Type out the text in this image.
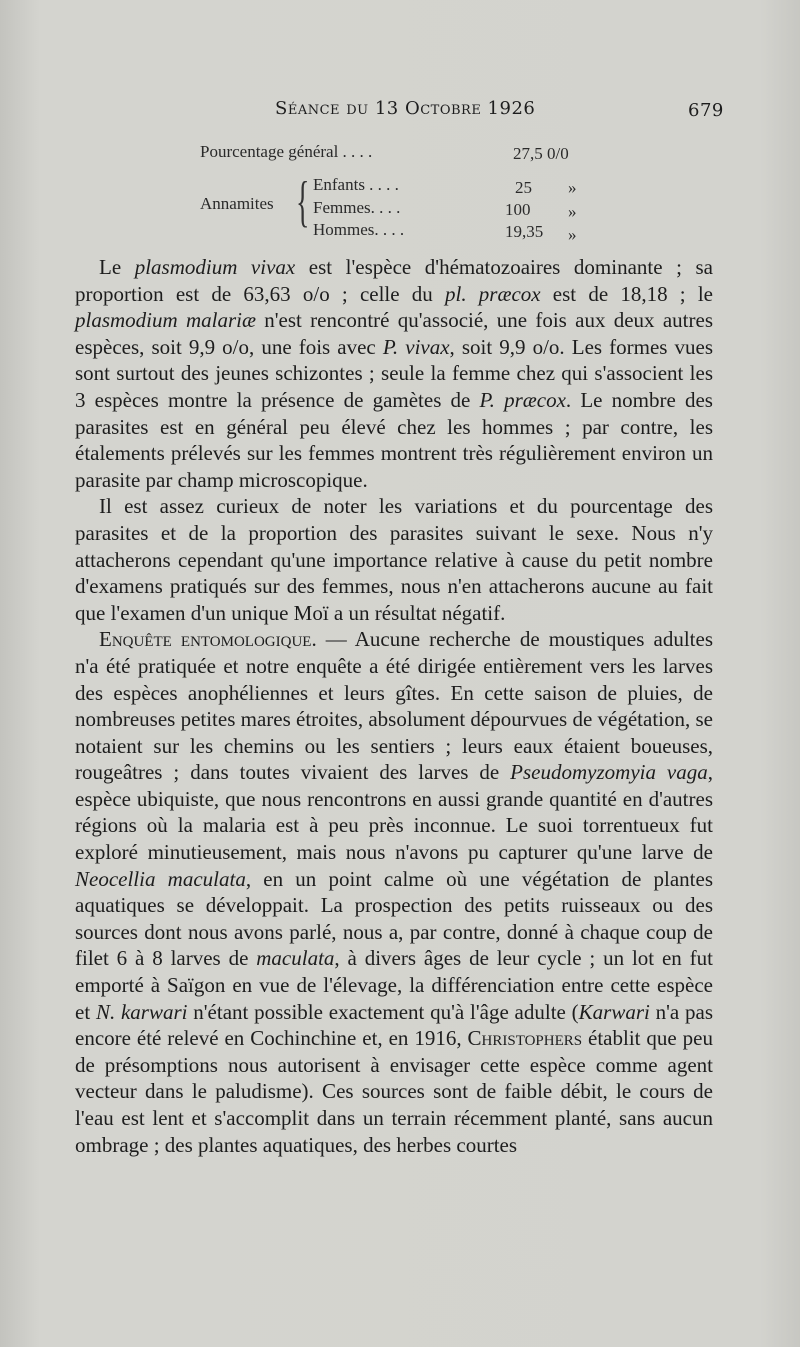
Séance du 13 Octobre 1926	679
Pourcentage général . . . .	27,5 0/0
Annamites { Enfants . . . .	25 »
Femmes. . . .	100 »
Hommes. . . .	19,35 »

Le plasmodium vivax est l'espèce d'hématozoaires dominante ; sa proportion est de 63,63 o/o ; celle du pl. præcox est de 18,18 ; le plasmodium malariæ n'est rencontré qu'associé, une fois aux deux autres espèces, soit 9,9 o/o, une fois avec P. vivax, soit 9,9 o/o. Les formes vues sont surtout des jeunes schizontes ; seule la femme chez qui s'associent les 3 espèces montre la présence de gamètes de P. præcox. Le nombre des parasites est en général peu élevé chez les hommes ; par contre, les étalements prélevés sur les femmes montrent très régulièrement environ un parasite par champ microscopique.

Il est assez curieux de noter les variations et du pourcentage des parasites et de la proportion des parasites suivant le sexe. Nous n'y attacherons cependant qu'une importance relative à cause du petit nombre d'examens pratiqués sur des femmes, nous n'en attacherons aucune au fait que l'examen d'un unique Moï a un résultat négatif.

Enquête entomologique. — Aucune recherche de moustiques adultes n'a été pratiquée et notre enquête a été dirigée entièrement vers les larves des espèces anophéliennes et leurs gîtes. En cette saison de pluies, de nombreuses petites mares étroites, absolument dépourvues de végétation, se notaient sur les chemins ou les sentiers ; leurs eaux étaient boueuses, rougeâtres ; dans toutes vivaient des larves de Pseudomyzomyia vaga, espèce ubiquiste, que nous rencontrons en aussi grande quantité en d'autres régions où la malaria est à peu près inconnue. Le suoi torrentueux fut exploré minutieusement, mais nous n'avons pu capturer qu'une larve de Neocellia maculata, en un point calme où une végétation de plantes aquatiques se développait. La prospection des petits ruisseaux ou des sources dont nous avons parlé, nous a, par contre, donné à chaque coup de filet 6 à 8 larves de maculata, à divers âges de leur cycle ; un lot en fut emporté à Saïgon en vue de l'élevage, la différenciation entre cette espèce et N. karwari n'étant possible exactement qu'à l'âge adulte (Karwari n'a pas encore été relevé en Cochinchine et, en 1916, Christophers établit que peu de présomptions nous autorisent à envisager cette espèce comme agent vecteur dans le paludisme). Ces sources sont de faible débit, le cours de l'eau est lent et s'accomplit dans un terrain récemment planté, sans aucun ombrage ; des plantes aquatiques, des herbes courtes
